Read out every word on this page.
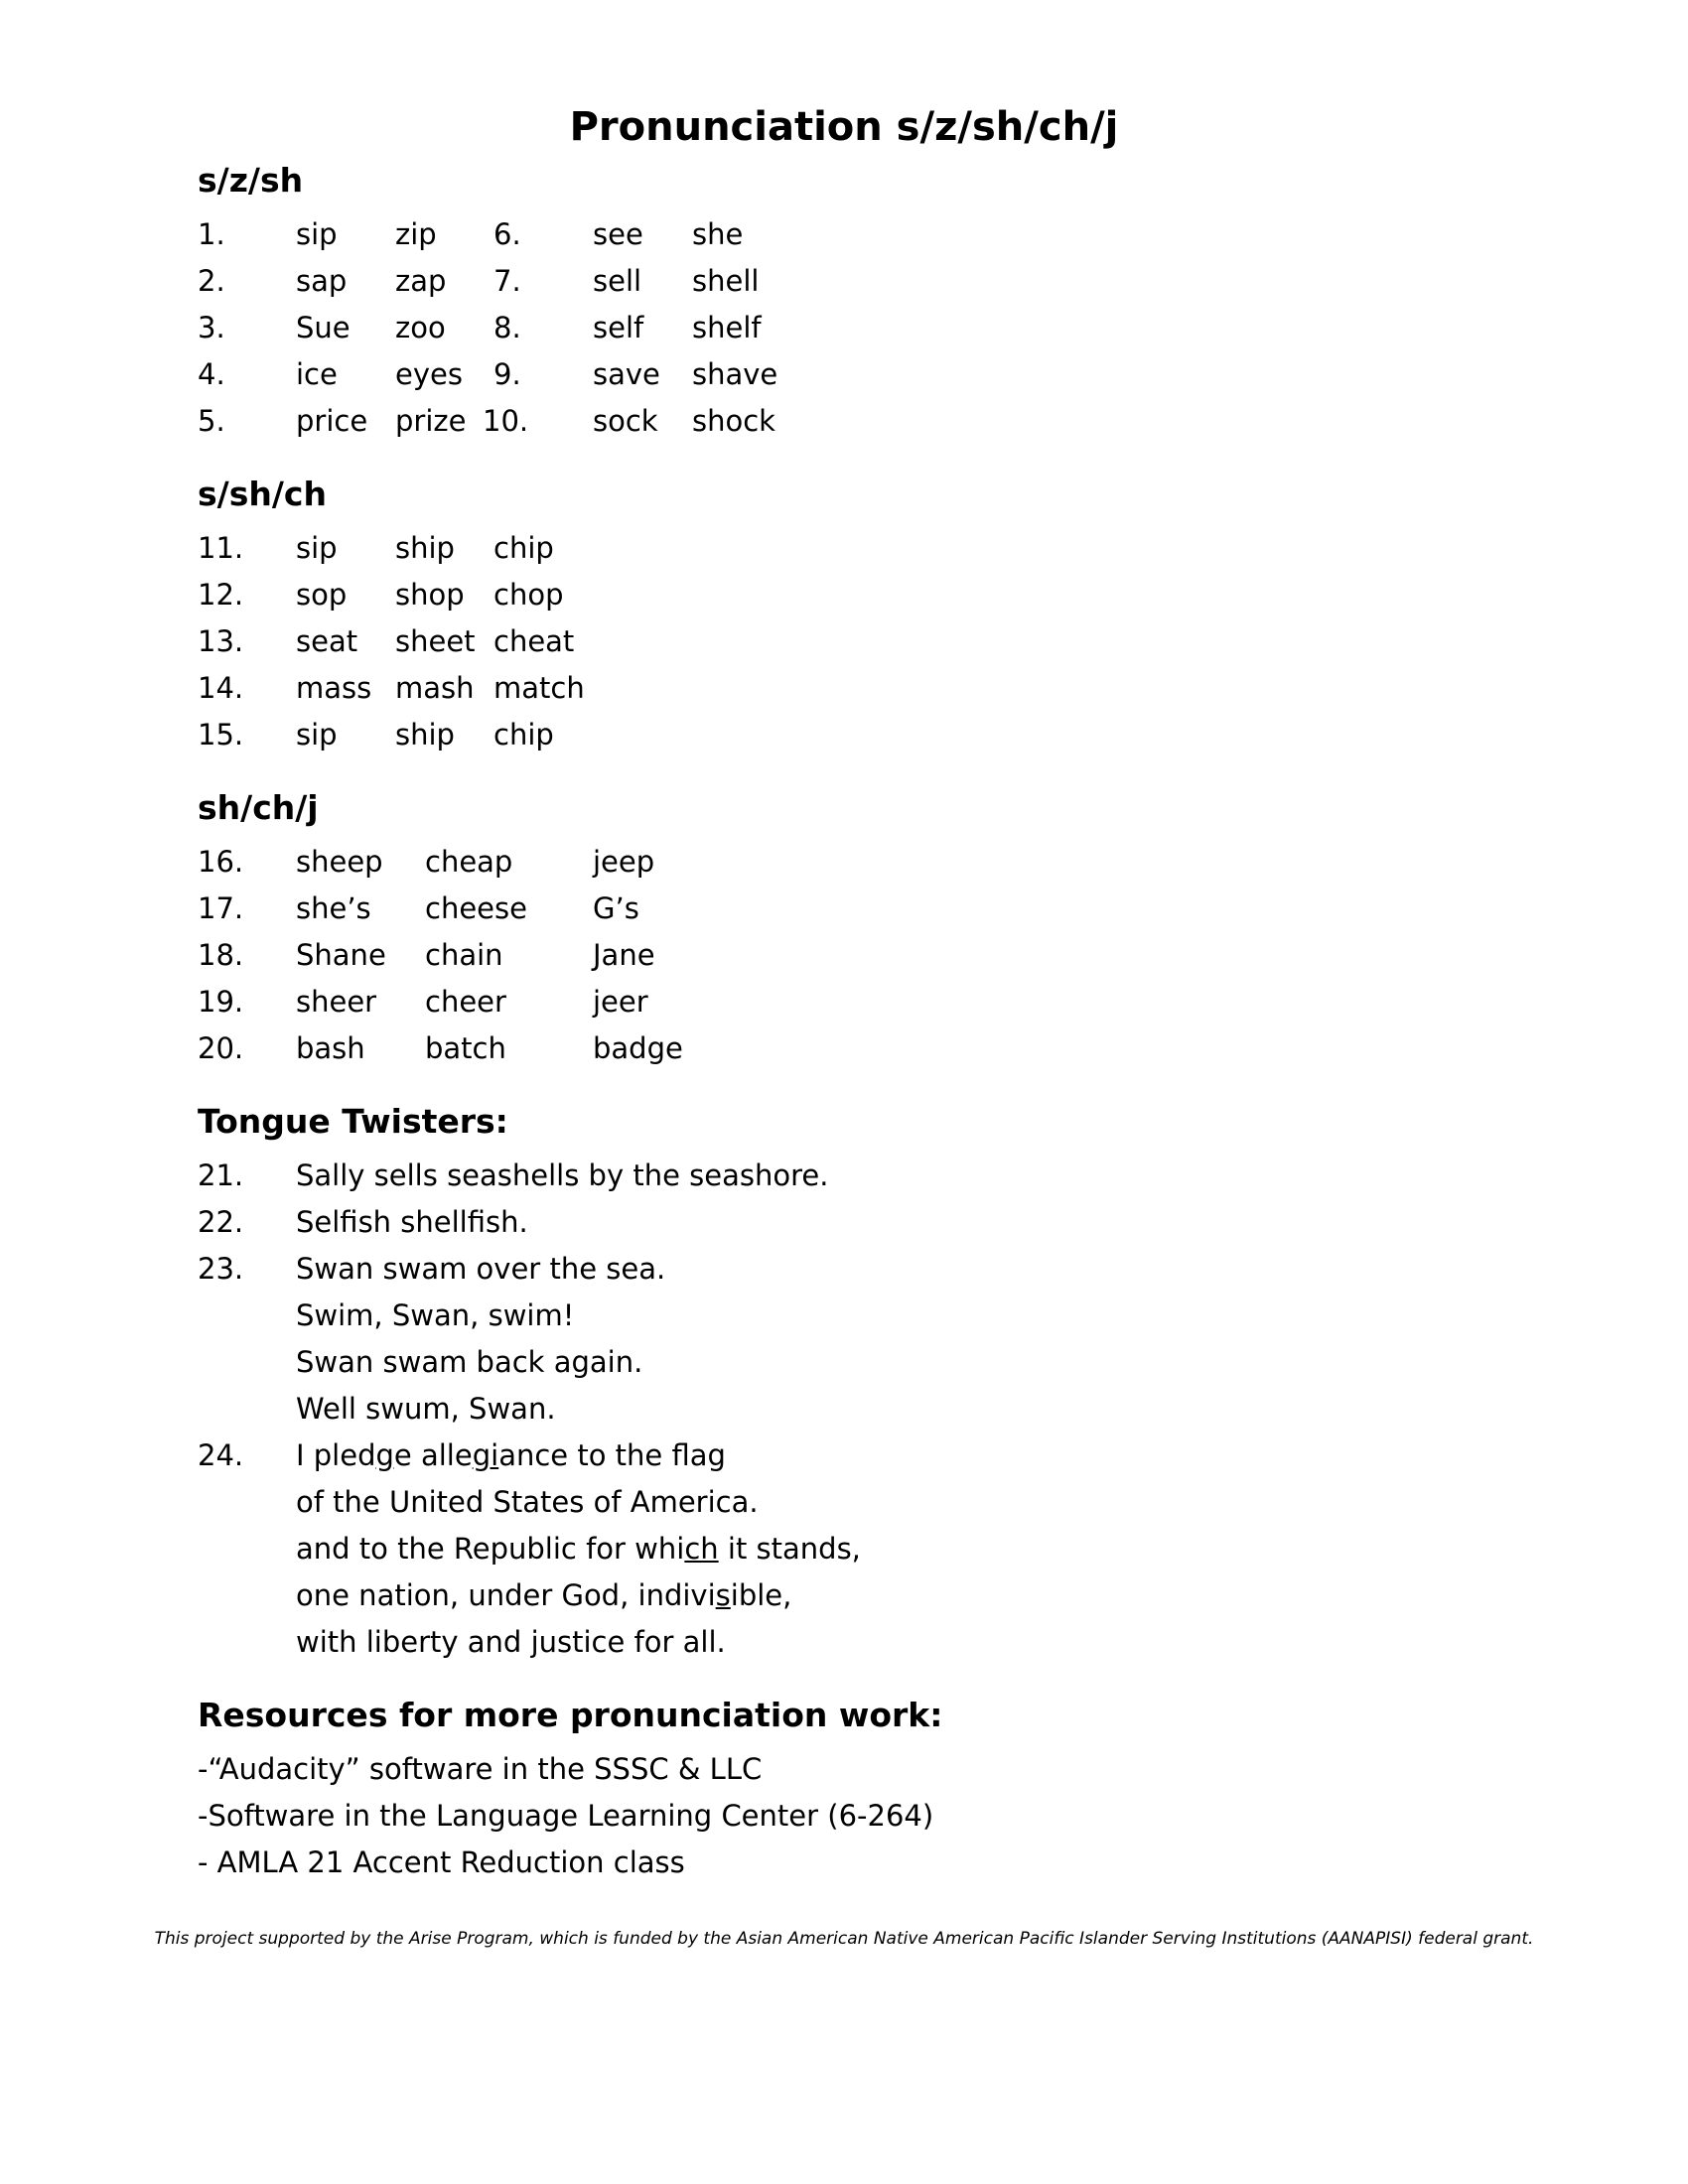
Pronunciation s/z/sh/ch/j
s/z/sh
1. sip zip 6. see she
2. sap zap 7. sell shell
3. Sue zoo 8. self shelf
4. ice eyes 9. save shave
5. price prize 10. sock shock
s/sh/ch
11. sip ship chip
12. sop shop chop
13. seat sheet cheat
14. mass mash match
15. sip ship chip
sh/ch/j
16. sheep cheap	jeep
17. she’s cheese G’s
18. Shane chain	Jane
19. sheer cheer	jeer
20. bash batch	badge
Tongue Twisters:
21. Sally sells seashells by the seashore.
22. Selfish shellfish.
23. Swan swam over the sea.
Swim, Swan, swim!
Swan swam back again.
Well swum, Swan.
24. I pledge allegiance to the flag
of the United States of America.
and to the Republic for which it stands,
one nation, under God, indivisible,
with liberty and justice for all.
Resources for more pronunciation work:
-“Audacity” software in the SSSC & LLC
-Software in the Language Learning Center (6-264)
- AMLA 21 Accent Reduction class
This project supported by the Arise Program, which is funded by the Asian American Native American Pacific Islander Serving Institutions (AANAPISI) federal grant.
